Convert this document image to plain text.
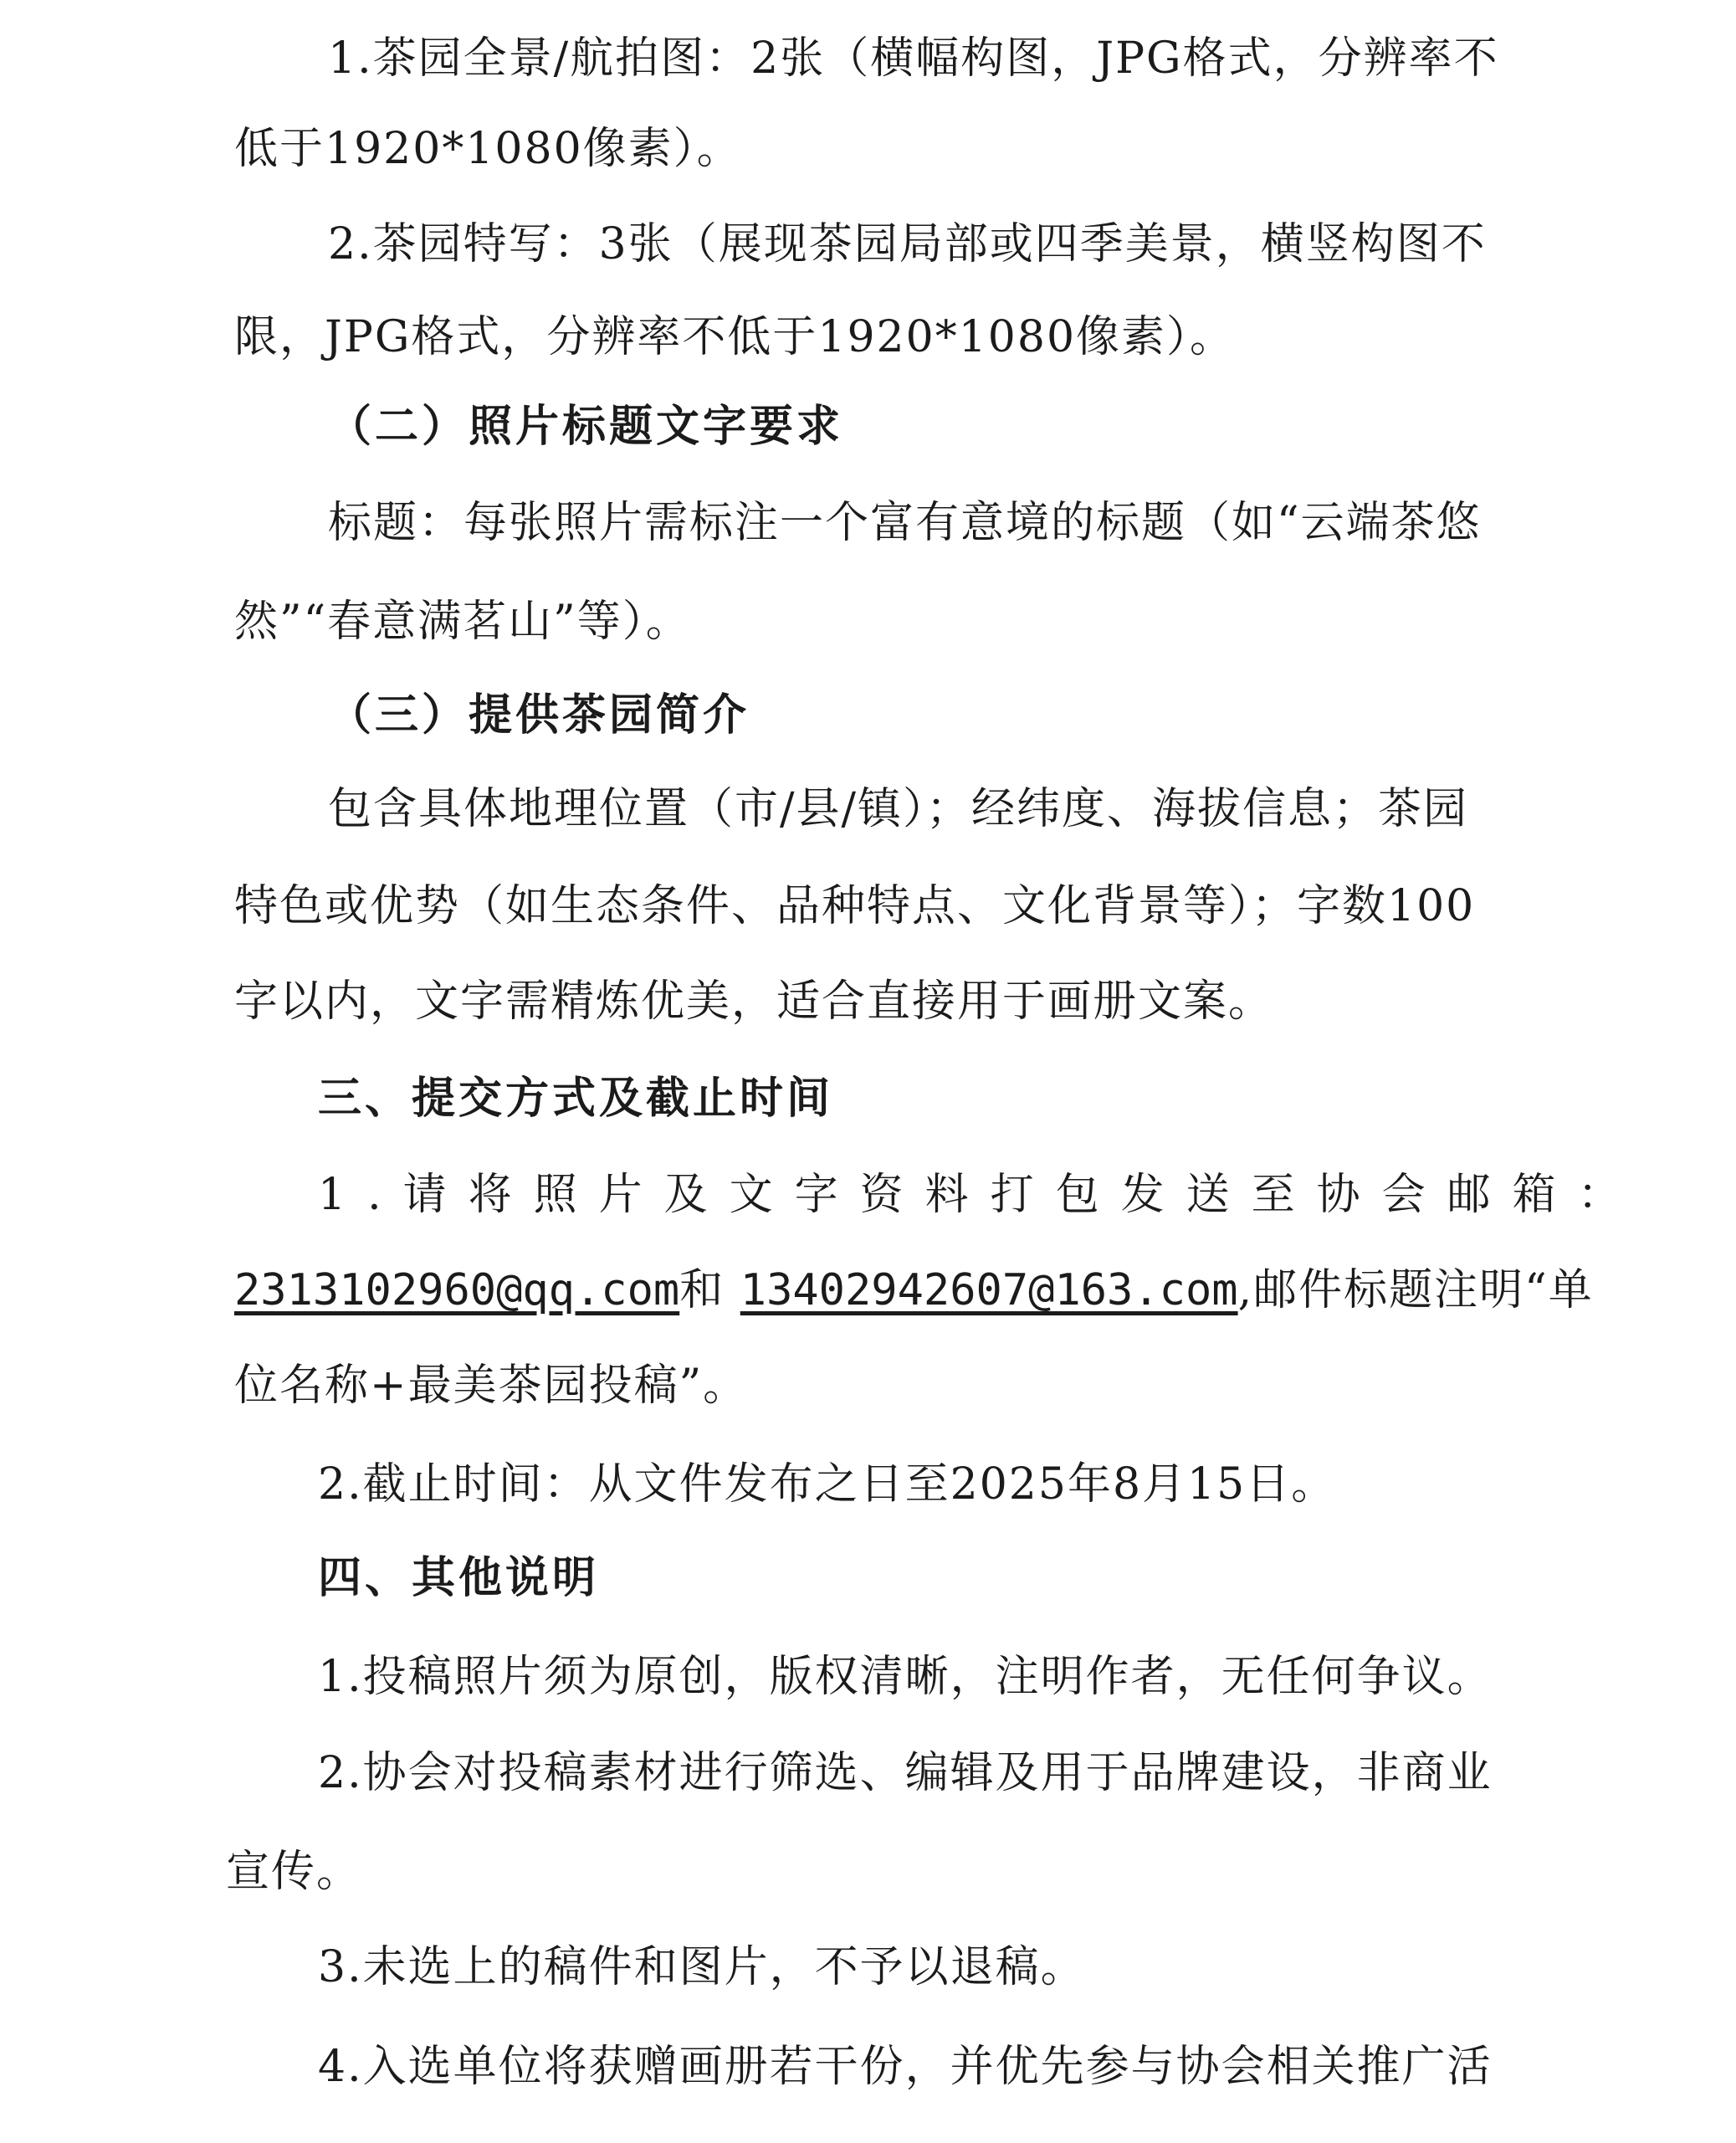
1.茶园全景/航拍图：2张（横幅构图，JPG格式，分辨率不
低于1920*1080像素）。
2.茶园特写：3张（展现茶园局部或四季美景，横竖构图不
限，JPG格式，分辨率不低于1920*1080像素）。
（二）照片标题文字要求
标题：每张照片需标注一个富有意境的标题（如“云端茶悠
然”“春意满茗山”等）。
（三）提供茶园简介
包含具体地理位置（市/县/镇）；经纬度、海拔信息；茶园
特色或优势（如生态条件、品种特点、文化背景等）；字数100
字以内，文字需精炼优美，适合直接用于画册文案。
三、提交方式及截止时间
1.请将照片及文字资料打包发送至协会邮箱：
2313102960@qq.com和 13402942607@163.com,邮件标题注明“单
位名称+最美茶园投稿”。
2.截止时间：从文件发布之日至2025年8月15日。
四、其他说明
1.投稿照片须为原创，版权清晰，注明作者，无任何争议。
2.协会对投稿素材进行筛选、编辑及用于品牌建设，非商业
宣传。
3.未选上的稿件和图片，不予以退稿。
4.入选单位将获赠画册若干份，并优先参与协会相关推广活
